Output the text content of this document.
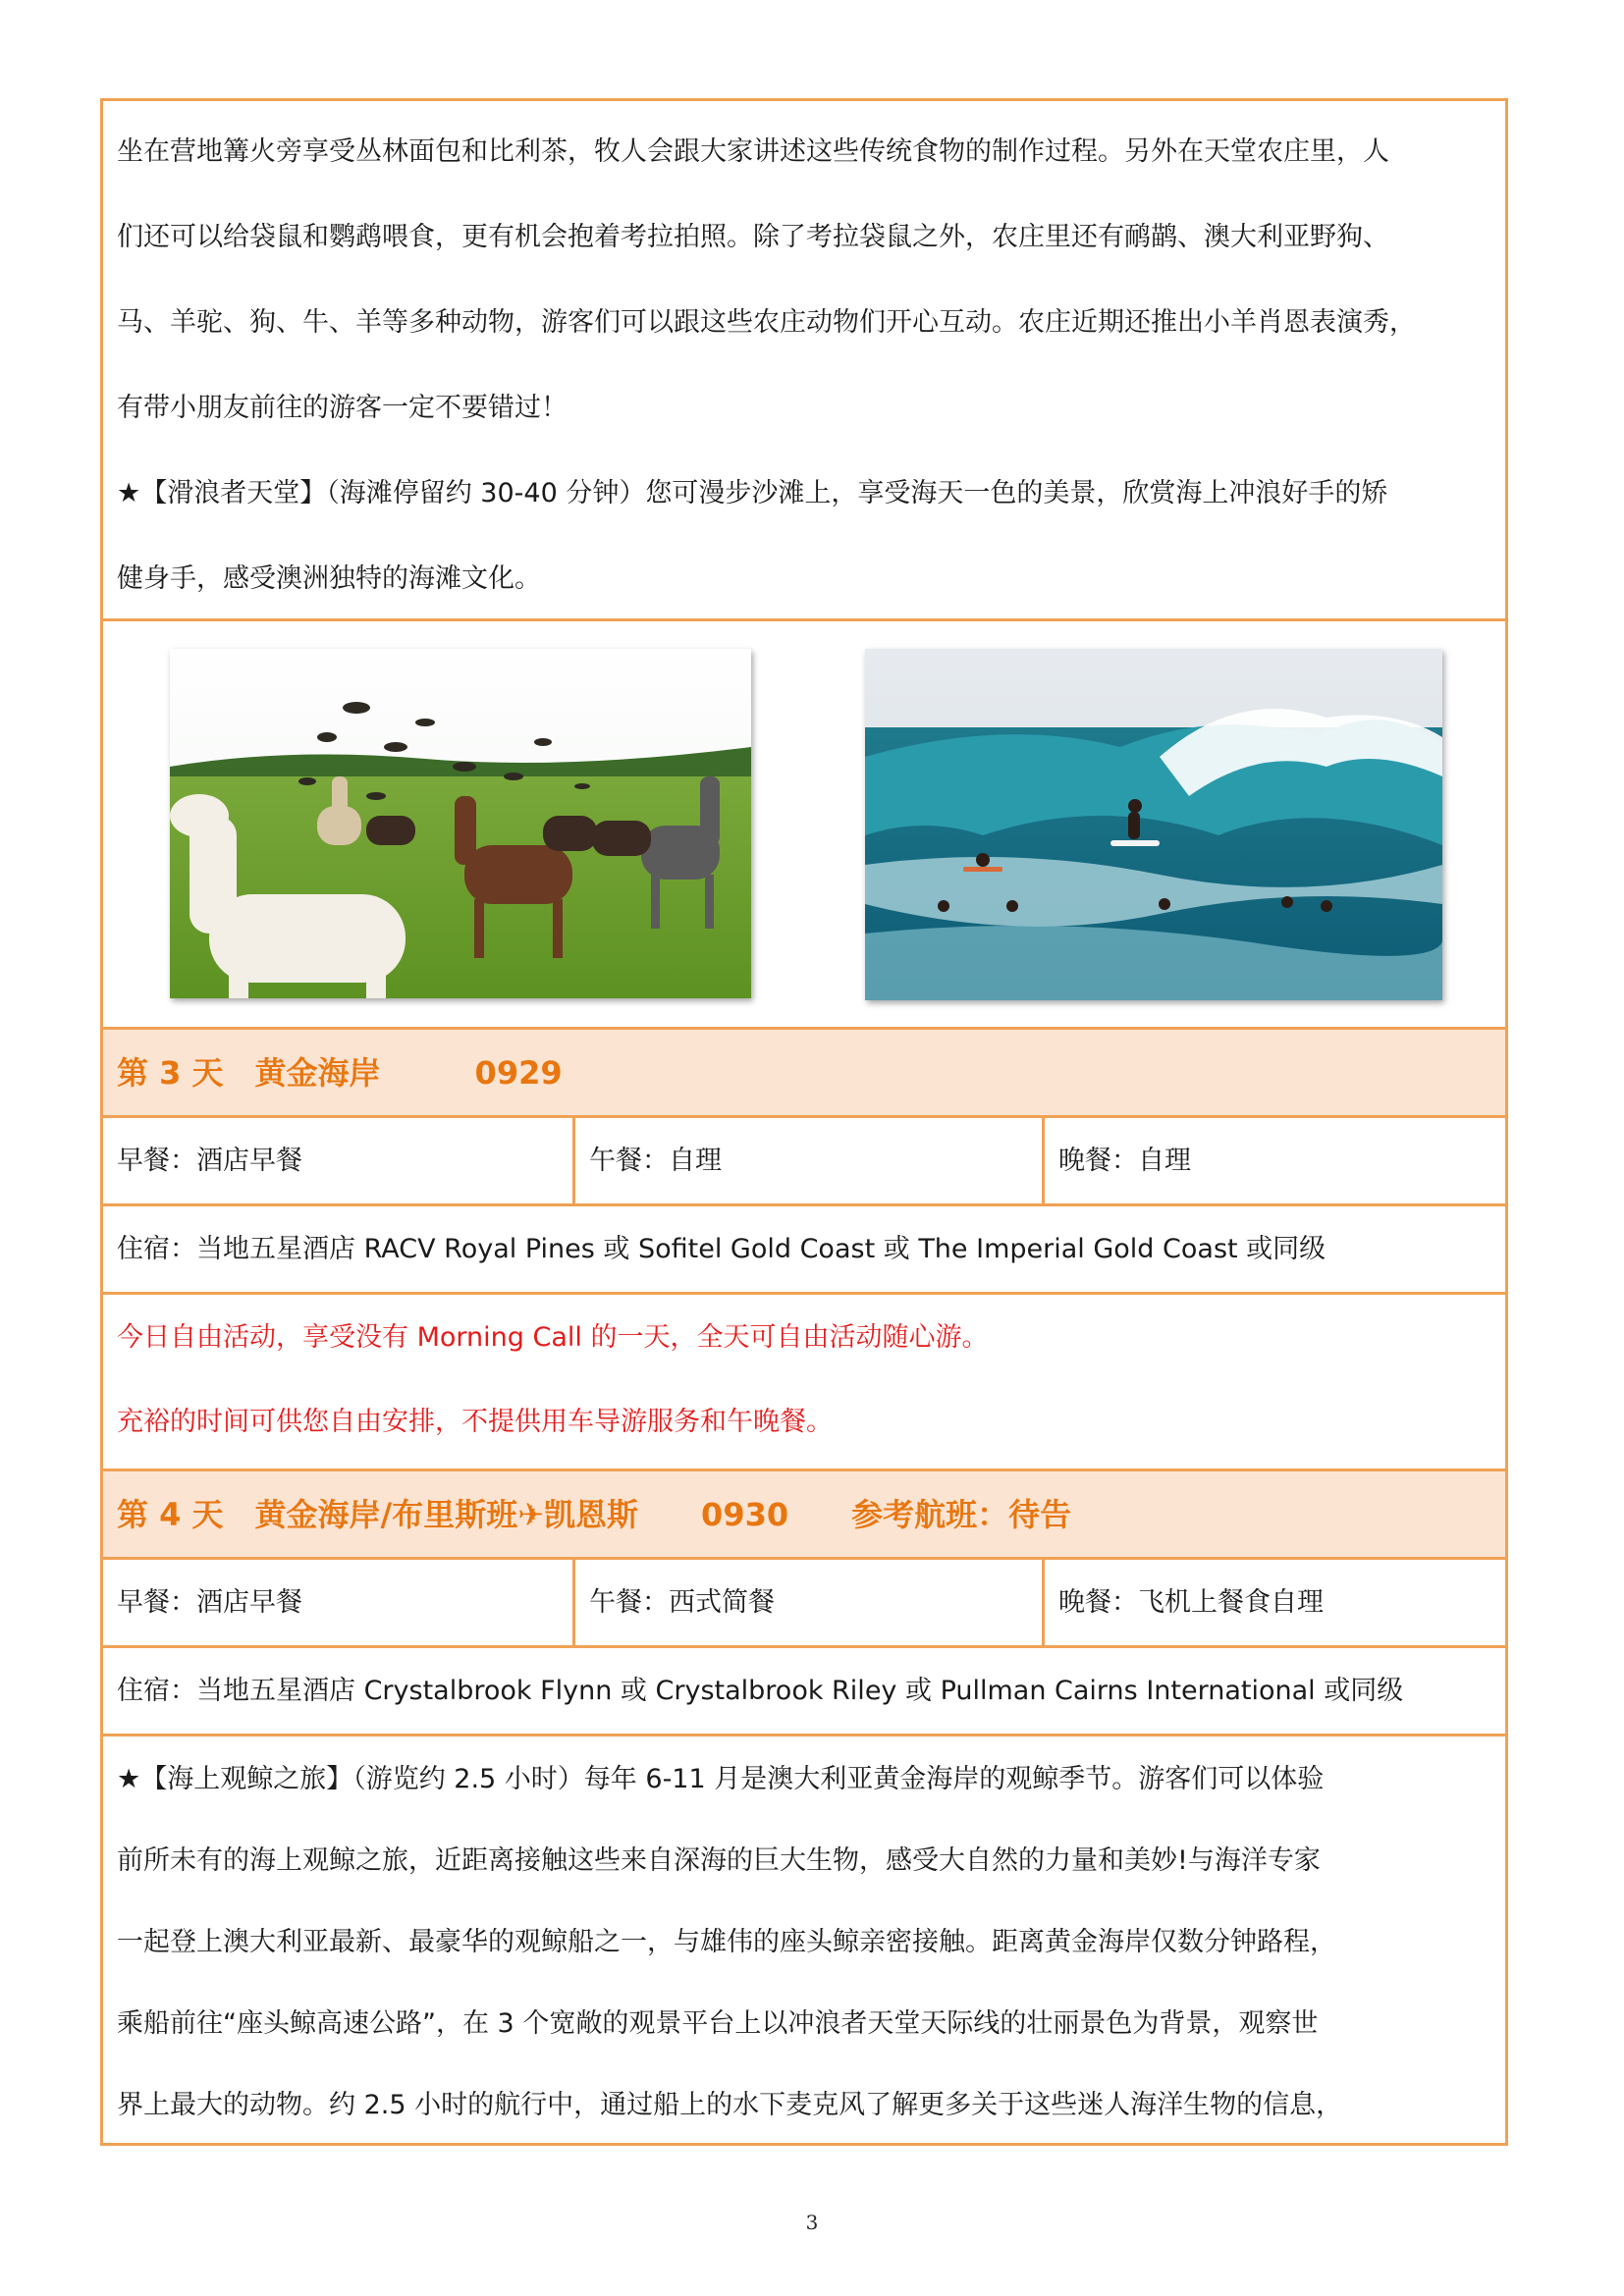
坐在营地篝火旁享受丛林面包和比利茶，牧人会跟大家讲述这些传统食物的制作过程。另外在天堂农庄里，人
们还可以给袋鼠和鹦鹉喂食，更有机会抱着考拉拍照。除了考拉袋鼠之外，农庄里还有鸸鹋、澳大利亚野狗、
马、羊驼、狗、牛、羊等多种动物，游客们可以跟这些农庄动物们开心互动。农庄近期还推出小羊肖恩表演秀，
有带小朋友前往的游客一定不要错过！
★【滑浪者天堂】（海滩停留约 30-40 分钟）您可漫步沙滩上，享受海天一色的美景，欣赏海上冲浪好手的矫
健身手，感受澳洲独特的海滩文化。
第 3 天　黄金海岸　　　0929
早餐：酒店早餐	午餐：自理	晚餐：自理
住宿：当地五星酒店 RACV Royal Pines 或 Sofitel Gold Coast 或 The Imperial Gold Coast 或同级
今日自由活动，享受没有 Morning Call 的一天，全天可自由活动随心游。
充裕的时间可供您自由安排，不提供用车导游服务和午晚餐。
第 4 天　黄金海岸/布里斯班✈凯恩斯　　0930　　参考航班：待告
早餐：酒店早餐	午餐：西式简餐	晚餐：飞机上餐食自理
住宿：当地五星酒店 Crystalbrook Flynn 或 Crystalbrook Riley 或 Pullman Cairns International 或同级
★【海上观鲸之旅】（游览约 2.5 小时）每年 6-11 月是澳大利亚黄金海岸的观鲸季节。游客们可以体验
前所未有的海上观鲸之旅，近距离接触这些来自深海的巨大生物，感受大自然的力量和美妙!与海洋专家
一起登上澳大利亚最新、最豪华的观鲸船之一，与雄伟的座头鲸亲密接触。距离黄金海岸仅数分钟路程，
乘船前往“座头鲸高速公路”，在 3 个宽敞的观景平台上以冲浪者天堂天际线的壮丽景色为背景，观察世
界上最大的动物。约 2.5 小时的航行中，通过船上的水下麦克风了解更多关于这些迷人海洋生物的信息，
3
